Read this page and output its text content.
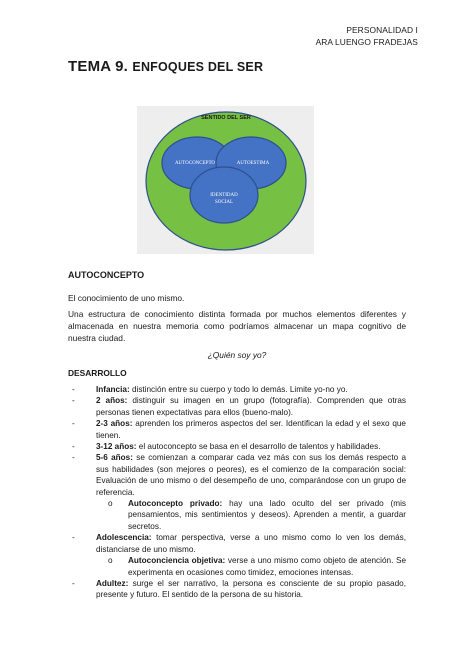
PERSONALIDAD I
ARA LUENGO FRADEJAS
TEMA 9. ENFOQUES DEL SER
SENTIDO DEL SER
AUTOCONCEPTO	AUTOESTIMA
IDENTIDAD
SOCIAL
AUTOCONCEPTO
El conocimiento de uno mismo.
Una estructura de conocimiento distinta formada por muchos elementos diferentes y almacenada en nuestra memoria como podríamos almacenar un mapa cognitivo de nuestra ciudad.
¿Quién soy yo?
DESARROLLO
-	Infancia: distinción entre su cuerpo y todo lo demás. Limite yo-no yo.
-	2 años: distinguir su imagen en un grupo (fotografía). Comprenden que otras personas tienen expectativas para ellos (bueno-malo).
-	2-3 años: aprenden los primeros aspectos del ser. Identifican la edad y el sexo que tienen.
-	3-12 años: el autoconcepto se basa en el desarrollo de talentos y habilidades.
-	5-6 años: se comienzan a comparar cada vez más con sus los demás respecto a sus habilidades (son mejores o peores), es el comienzo de la comparación social: Evaluación de uno mismo o del desempeño de uno, comparándose con un grupo de referencia.
o Autoconcepto privado: hay una lado oculto del ser privado (mis pensamientos, mis sentimientos y deseos). Aprenden a mentir, a guardar secretos.
-	Adolescencia: tomar perspectiva, verse a uno mismo como lo ven los demás, distanciarse de uno mismo.
o Autoconciencia objetiva: verse a uno mismo como objeto de atención. Se experimenta en ocasiones como timidez, emociones intensas.
-	Adultez: surge el ser narrativo, la persona es consciente de su propio pasado, presente y futuro. El sentido de la persona de su historia.
